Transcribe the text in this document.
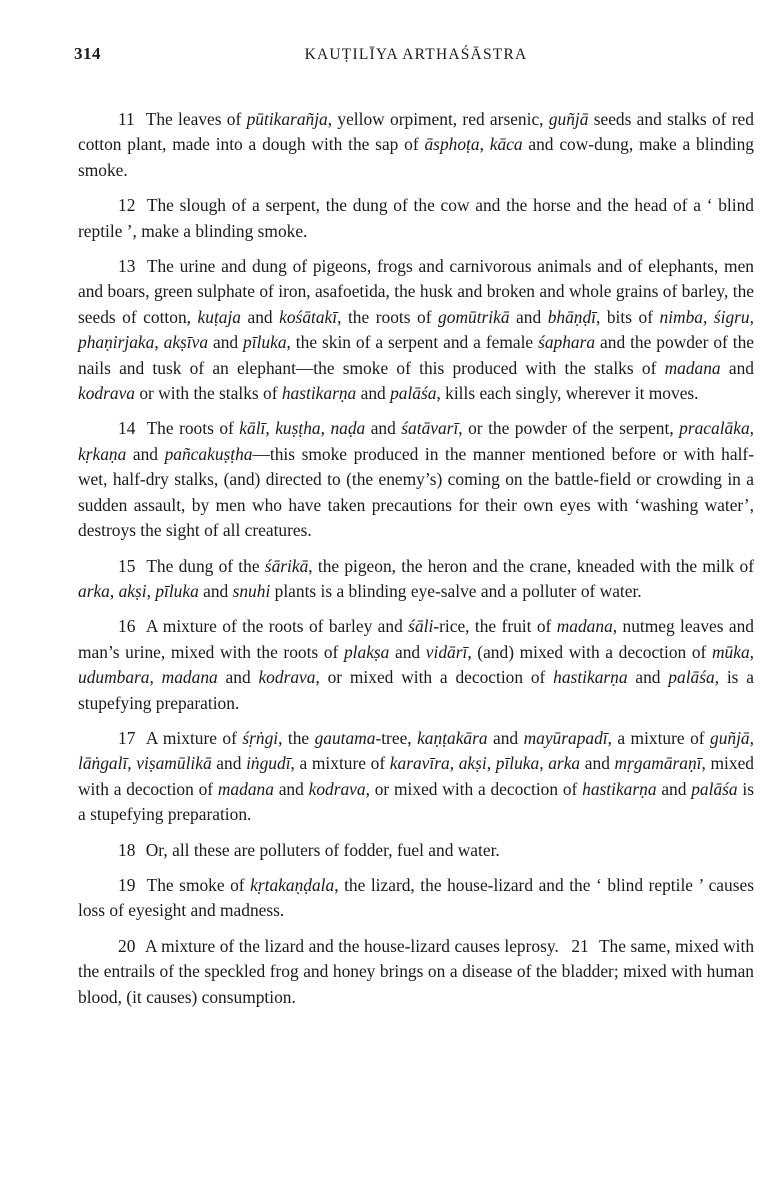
314	KAUṬILĪYA ARTHAŚĀSTRA

11 The leaves of pūtikarañja, yellow orpiment, red arsenic, guñjā seeds and stalks of red cotton plant, made into a dough with the sap of āsphoṭa, kāca and cow-dung, make a blinding smoke.

12 The slough of a serpent, the dung of the cow and the horse and the head of a ‘ blind reptile ’, make a blinding smoke.

13 The urine and dung of pigeons, frogs and carnivorous animals and of elephants, men and boars, green sulphate of iron, asafoetida, the husk and broken and whole grains of barley, the seeds of cotton, kuṭaja and kośātakī, the roots of gomūtrikā and bhāṇḍī, bits of nimba, śigru, phaṇirjaka, akṣīva and pīluka, the skin of a serpent and a female śaphara and the powder of the nails and tusk of an elephant—the smoke of this produced with the stalks of madana and kodrava or with the stalks of hastikarṇa and palāśa, kills each singly, wherever it moves.

14 The roots of kālī, kuṣṭha, naḍa and śatāvarī, or the powder of the serpent, pracalāka, kṛkaṇa and pañcakuṣṭha—this smoke produced in the manner mentioned before or with half-wet, half-dry stalks, (and) directed to (the enemy’s) coming on the battle-field or crowding in a sudden assault, by men who have taken precautions for their own eyes with ‘washing water’, destroys the sight of all creatures.

15 The dung of the śārikā, the pigeon, the heron and the crane, kneaded with the milk of arka, akṣi, pīluka and snuhi plants is a blinding eye-salve and a polluter of water.

16 A mixture of the roots of barley and śāli-rice, the fruit of madana, nutmeg leaves and man’s urine, mixed with the roots of plakṣa and vidārī, (and) mixed with a decoction of mūka, udumbara, madana and kodrava, or mixed with a decoction of hastikarṇa and palāśa, is a stupefying preparation.

17 A mixture of śṛṅgi, the gautama-tree, kaṇṭakāra and mayūrapadī, a mixture of guñjā, lāṅgalī, viṣamūlikā and iṅgudī, a mixture of karavīra, akṣi, pīluka, arka and mṛgamāraṇī, mixed with a decoction of madana and kodrava, or mixed with a decoction of hastikarṇa and palāśa is a stupefying preparation.

18 Or, all these are polluters of fodder, fuel and water.

19 The smoke of kṛtakaṇḍala, the lizard, the house-lizard and the ‘ blind reptile ’ causes loss of eyesight and madness.

20 A mixture of the lizard and the house-lizard causes leprosy. 21 The same, mixed with the entrails of the speckled frog and honey brings on a disease of the bladder; mixed with human blood, (it causes) consumption.
